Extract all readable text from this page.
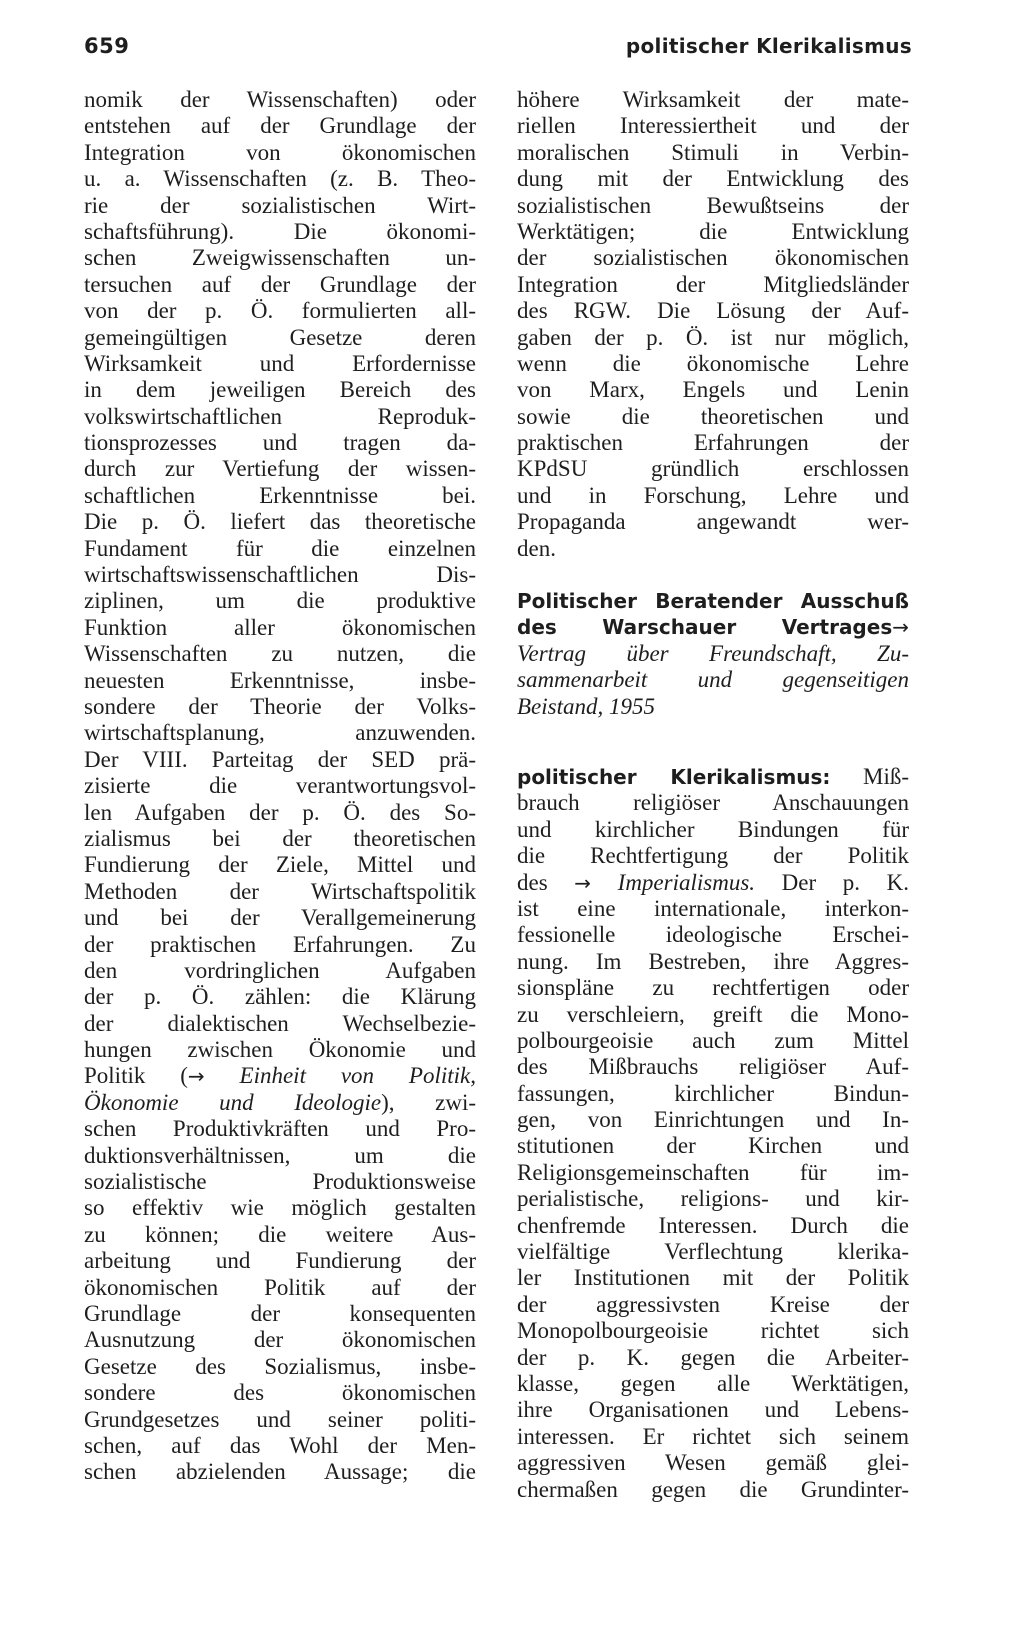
659	politischer Klerikalismus
nomik der Wissenschaften) oder
entstehen auf der Grundlage der
Integration von ökonomischen
u. a. Wissenschaften (z. B. Theo-
rie der sozialistischen Wirt-
schaftsführung). Die ökonomi-
schen Zweigwissenschaften un-
tersuchen auf der Grundlage der
von der p. Ö. formulierten all-
gemeingültigen Gesetze deren
Wirksamkeit und Erfordernisse
in dem jeweiligen Bereich des
volkswirtschaftlichen Reproduk-
tionsprozesses und tragen da-
durch zur Vertiefung der wissen-
schaftlichen Erkenntnisse bei.
Die p. Ö. liefert das theoretische
Fundament für die einzelnen
wirtschaftswissenschaftlichen Dis-
ziplinen, um die produktive
Funktion aller ökonomischen
Wissenschaften zu nutzen, die
neuesten Erkenntnisse, insbe-
sondere der Theorie der Volks-
wirtschaftsplanung, anzuwenden.
Der VIII. Parteitag der SED prä-
zisierte die verantwortungsvol-
len Aufgaben der p. Ö. des So-
zialismus bei der theoretischen
Fundierung der Ziele, Mittel und
Methoden der Wirtschaftspolitik
und bei der Verallgemeinerung
der praktischen Erfahrungen. Zu
den vordringlichen Aufgaben
der p. Ö. zählen: die Klärung
der dialektischen Wechselbezie-
hungen zwischen Ökonomie und
Politik (→ Einheit von Politik,
Ökonomie und Ideologie), zwi-
schen Produktivkräften und Pro-
duktionsverhältnissen, um die
sozialistische Produktionsweise
so effektiv wie möglich gestalten
zu können; die weitere Aus-
arbeitung und Fundierung der
ökonomischen Politik auf der
Grundlage der konsequenten
Ausnutzung der ökonomischen
Gesetze des Sozialismus, insbe-
sondere des ökonomischen
Grundgesetzes und seiner politi-
schen, auf das Wohl der Men-
schen abzielenden Aussage; die
höhere Wirksamkeit der mate-
riellen Interessiertheit und der
moralischen Stimuli in Verbin-
dung mit der Entwicklung des
sozialistischen Bewußtseins der
Werktätigen; die Entwicklung
der sozialistischen ökonomischen
Integration der Mitgliedsländer
des RGW. Die Lösung der Auf-
gaben der p. Ö. ist nur möglich,
wenn die ökonomische Lehre
von Marx, Engels und Lenin
sowie die theoretischen und
praktischen Erfahrungen der
KPdSU gründlich erschlossen
und in Forschung, Lehre und
Propaganda angewandt wer-
den.
Politischer Beratender Ausschuß
des Warschauer Vertrages→
Vertrag über Freundschaft, Zu-
sammenarbeit und gegenseitigen
Beistand, 1955
politischer Klerikalismus: Miß-
brauch religiöser Anschauungen
und kirchlicher Bindungen für
die Rechtfertigung der Politik
des → Imperialismus. Der p. K.
ist eine internationale, interkon-
fessionelle ideologische Erschei-
nung. Im Bestreben, ihre Aggres-
sionspläne zu rechtfertigen oder
zu verschleiern, greift die Mono-
polbourgeoisie auch zum Mittel
des Mißbrauchs religiöser Auf-
fassungen, kirchlicher Bindun-
gen, von Einrichtungen und In-
stitutionen der Kirchen und
Religionsgemeinschaften für im-
perialistische, religions- und kir-
chenfremde Interessen. Durch die
vielfältige Verflechtung klerika-
ler Institutionen mit der Politik
der aggressivsten Kreise der
Monopolbourgeoisie richtet sich
der p. K. gegen die Arbeiter-
klasse, gegen alle Werktätigen,
ihre Organisationen und Lebens-
interessen. Er richtet sich seinem
aggressiven Wesen gemäß glei-
chermaßen gegen die Grundinter-
